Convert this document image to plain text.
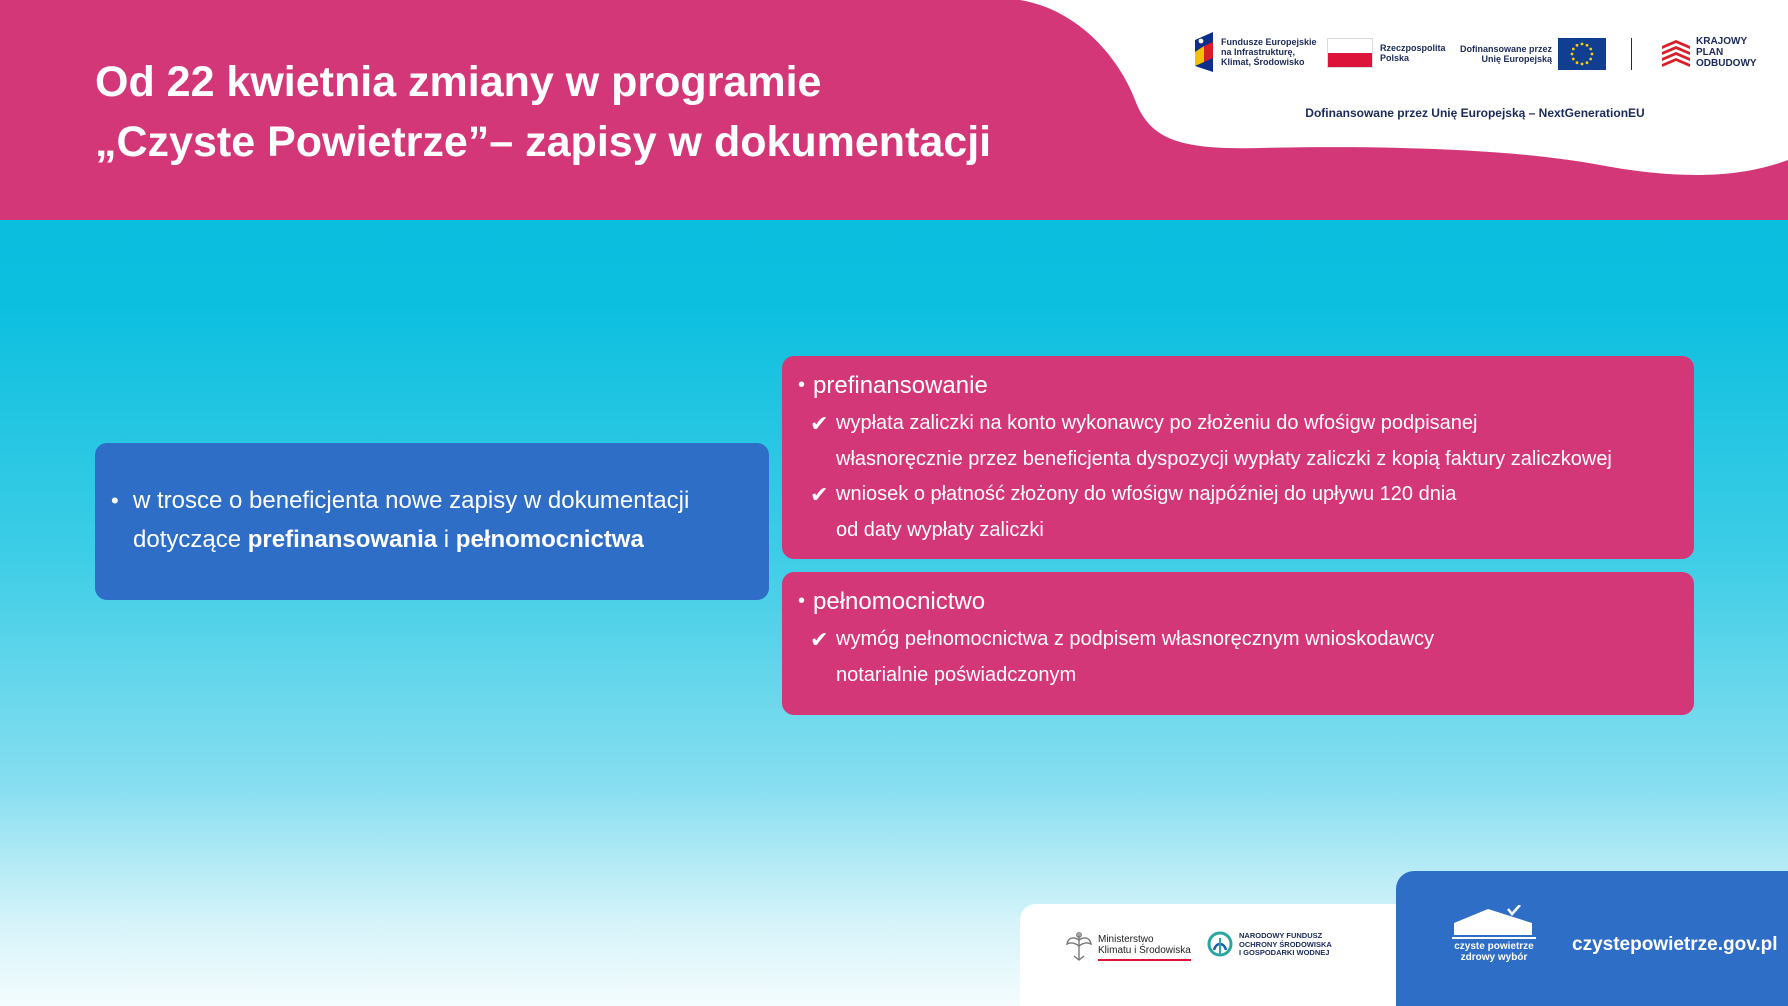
Od 22 kwietnia zmiany w programie
„Czyste Powietrze”– zapisy w dokumentacji
Fundusze Europejskie
na Infrastrukturę,
Klimat, Środowisko
Rzeczpospolita
Polska
Dofinansowane przez
Unię Europejską
KRAJOWY
PLAN
ODBUDOWY
Dofinansowane przez Unię Europejską – NextGenerationEU
• w trosce o beneficjenta nowe zapisy w dokumentacji
dotyczące prefinansowania i pełnomocnictwa
• prefinansowanie
✔ wypłata zaliczki na konto wykonawcy po złożeniu do wfośigw podpisanej
własnoręcznie przez beneficjenta dyspozycji wypłaty zaliczki z kopią faktury zaliczkowej
✔ wniosek o płatność złożony do wfośigw najpóźniej do upływu 120 dnia
od daty wypłaty zaliczki
• pełnomocnictwo
✔ wymóg pełnomocnictwa z podpisem własnoręcznym wnioskodawcy
notarialnie poświadczonym
Ministerstwo
Klimatu i Środowiska
NARODOWY FUNDUSZ
OCHRONY ŚRODOWISKA
I GOSPODARKI WODNEJ
czyste powietrze
zdrowy wybór
czystepowietrze.gov.pl
